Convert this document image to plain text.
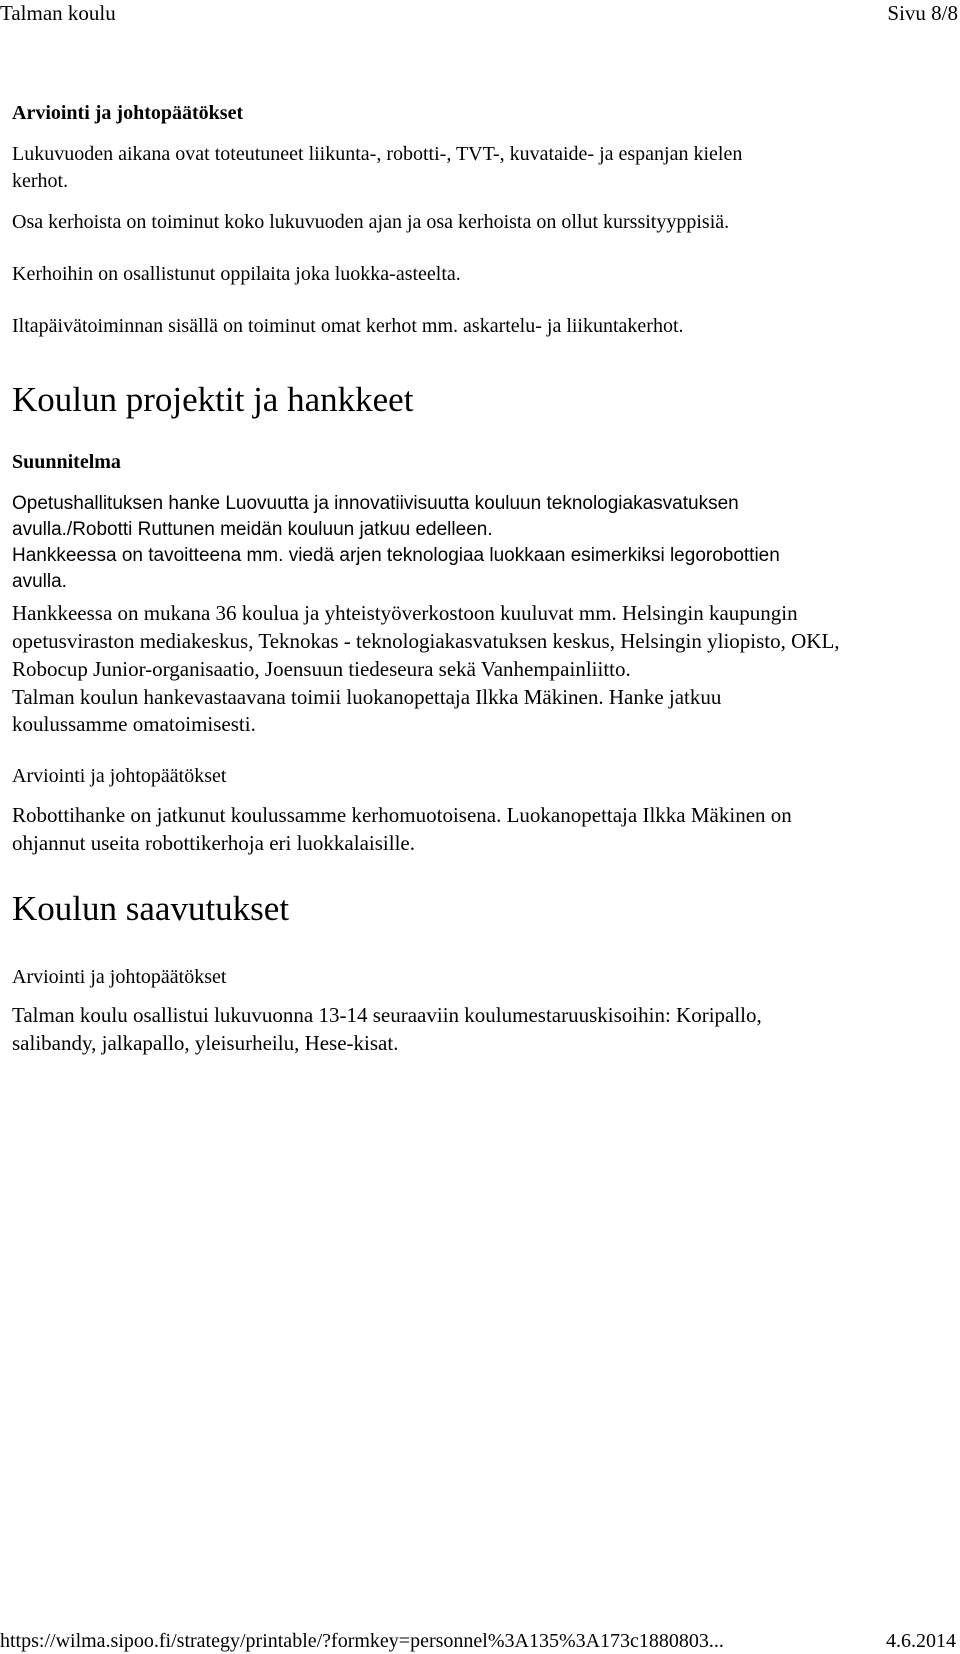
Talman koulu	Sivu 8/8
Arviointi ja johtopäätökset
Lukuvuoden aikana ovat toteutuneet liikunta-, robotti-, TVT-, kuvataide- ja espanjan kielen
kerhot.
Osa kerhoista on toiminut koko lukuvuoden ajan ja osa kerhoista on ollut kurssityyppisiä.
Kerhoihin on osallistunut oppilaita joka luokka-asteelta.
Iltapäivätoiminnan sisällä on toiminut omat kerhot mm. askartelu- ja liikuntakerhot.
Koulun projektit ja hankkeet
Suunnitelma
Opetushallituksen hanke Luovuutta ja innovatiivisuutta kouluun teknologiakasvatuksen
avulla./Robotti Ruttunen meidän kouluun jatkuu edelleen.
Hankkeessa on tavoitteena mm. viedä arjen teknologiaa luokkaan esimerkiksi legorobottien
avulla.
Hankkeessa on mukana 36 koulua ja yhteistyöverkostoon kuuluvat mm. Helsingin kaupungin
opetusviraston mediakeskus, Teknokas - teknologiakasvatuksen keskus, Helsingin yliopisto, OKL,
Robocup Junior-organisaatio, Joensuun tiedeseura sekä Vanhempainliitto.
Talman koulun hankevastaavana toimii luokanopettaja Ilkka Mäkinen. Hanke jatkuu
koulussamme omatoimisesti.
Arviointi ja johtopäätökset
Robottihanke on jatkunut koulussamme kerhomuotoisena. Luokanopettaja Ilkka Mäkinen on
ohjannut useita robottikerhoja eri luokkalaisille.
Koulun saavutukset
Arviointi ja johtopäätökset
Talman koulu osallistui lukuvuonna 13-14 seuraaviin koulumestaruuskisoihin: Koripallo,
salibandy, jalkapallo, yleisurheilu, Hese-kisat.
https://wilma.sipoo.fi/strategy/printable/?formkey=personnel%3A135%3A173c1880803...	4.6.2014
